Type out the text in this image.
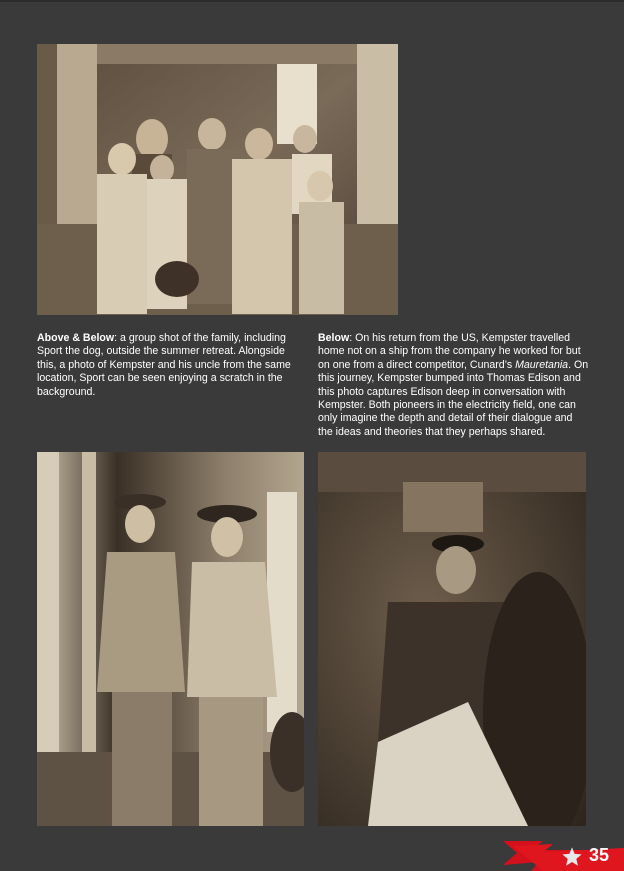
Above & Below: a group shot of the family, including Sport the dog, outside the summer retreat. Alongside this, a photo of Kempster and his uncle from the same location, Sport can be seen enjoying a scratch in the background.
Below: On his return from the US, Kempster travelled home not on a ship from the company he worked for but on one from a direct competitor, Cunard’s Mauretania. On this journey, Kempster bumped into Thomas Edison and this photo captures Edison deep in conversation with Kempster. Both pioneers in the electricity field, one can only imagine the depth and detail of their dialogue and the ideas and theories that they perhaps shared.
35
